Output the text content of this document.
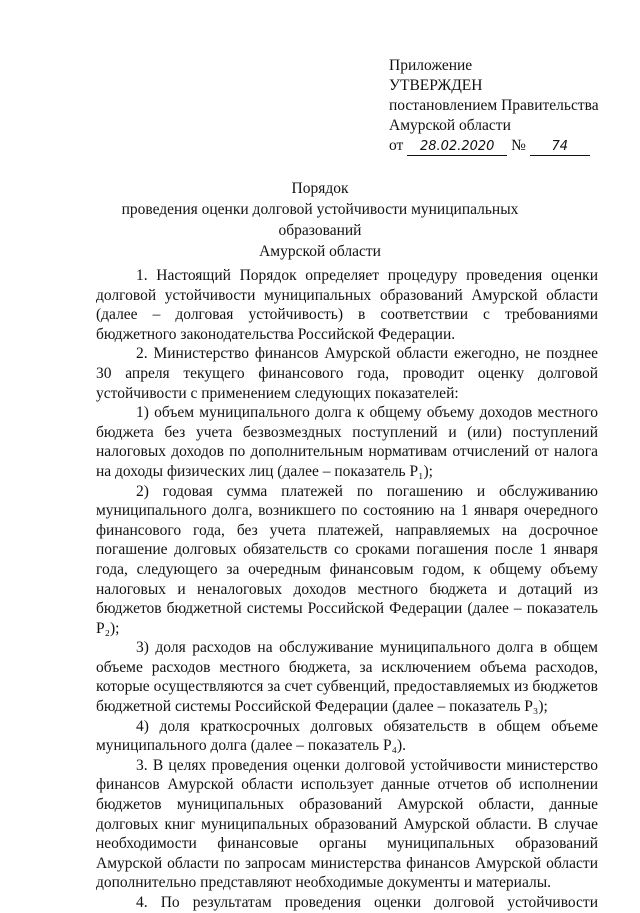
Приложение
УТВЕРЖДЕН
постановлением Правительства
Амурской области
от 28.02.2020 № 74
Порядок
проведения оценки долговой устойчивости муниципальных образований
Амурской области

1. Настоящий Порядок определяет процедуру проведения оценки долговой устойчивости муниципальных образований Амурской области (далее – долговая устойчивость) в соответствии с требованиями бюджетного законодательства Российской Федерации.

2. Министерство финансов Амурской области ежегодно, не позднее 30 апреля текущего финансового года, проводит оценку долговой устойчивости с применением следующих показателей:

1) объем муниципального долга к общему объему доходов местного бюджета без учета безвозмездных поступлений и (или) поступлений налоговых доходов по дополнительным нормативам отчислений от налога на доходы физических лиц (далее – показатель P₁);

2) годовая сумма платежей по погашению и обслуживанию муниципального долга, возникшего по состоянию на 1 января очередного финансового года, без учета платежей, направляемых на досрочное погашение долговых обязательств со сроками погашения после 1 января года, следующего за очередным финансовым годом, к общему объему налоговых и неналоговых доходов местного бюджета и дотаций из бюджетов бюджетной системы Российской Федерации (далее – показатель P₂);

3) доля расходов на обслуживание муниципального долга в общем объеме расходов местного бюджета, за исключением объема расходов, которые осуществляются за счет субвенций, предоставляемых из бюджетов бюджетной системы Российской Федерации (далее – показатель P₃);

4) доля краткосрочных долговых обязательств в общем объеме муниципального долга (далее – показатель P₄).

3. В целях проведения оценки долговой устойчивости министерство финансов Амурской области использует данные отчетов об исполнении бюджетов муниципальных образований Амурской области, данные долговых книг муниципальных образований Амурской области. В случае необходимости финансовые органы муниципальных образований Амурской области по запросам министерства финансов Амурской области дополнительно представляют необходимые документы и материалы.

4. По результатам проведения оценки долговой устойчивости
